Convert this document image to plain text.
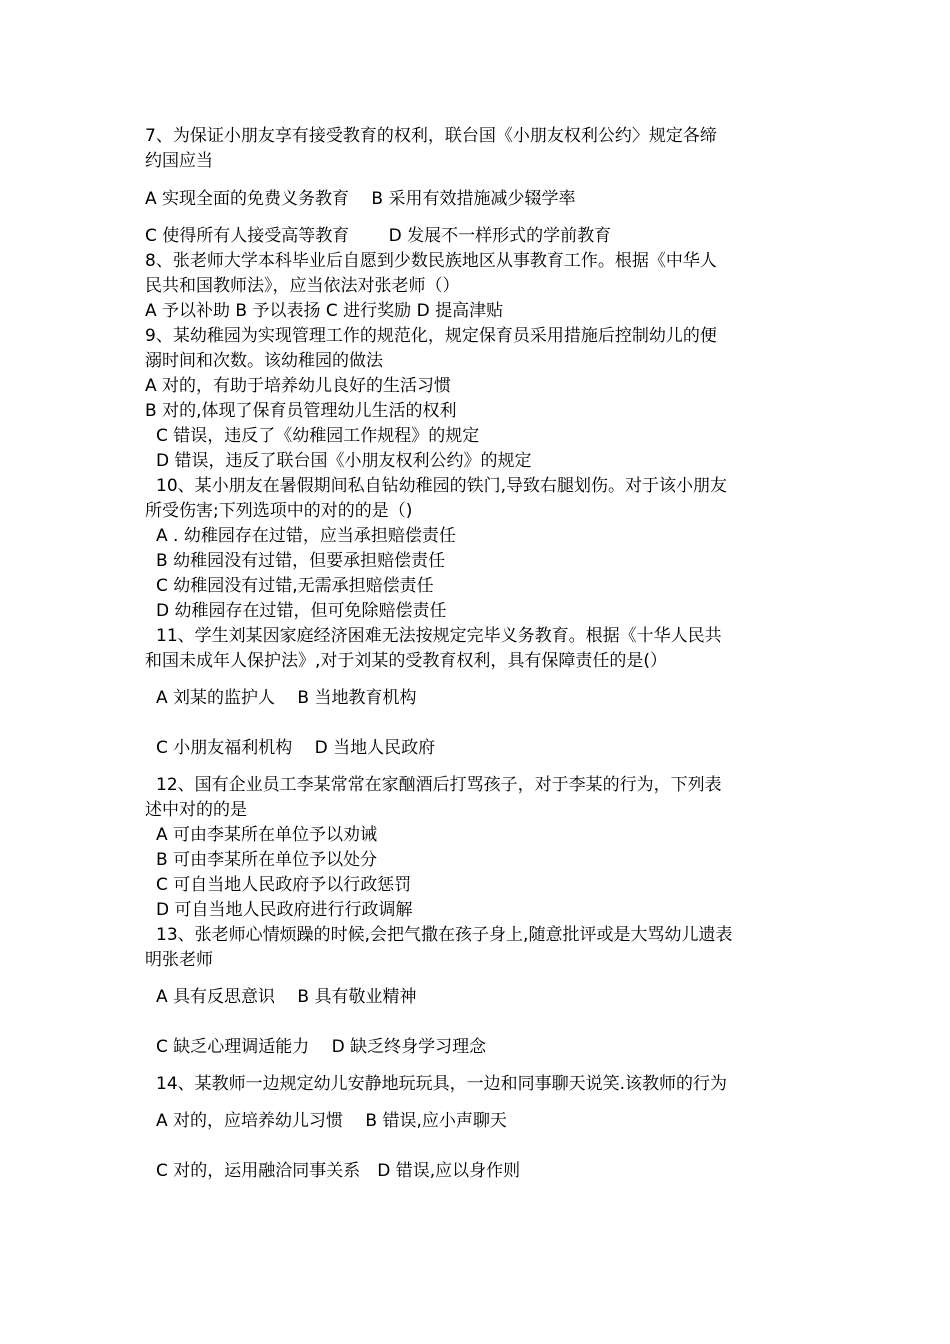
7、为保证小朋友享有接受教育的权利，联台国《小朋友权利公约〉规定各缔

约国应当

A 实现全面的免费义务教育　 B 采用有效措施减少辍学率

C 使得所有人接受高等教育　　 D 发展不一样形式的学前教育

8、张老师大学本科毕业后自愿到少数民族地区从事教育工作。根据《中华人

民共和国教师法》，应当依法对张老师（）

A 予以补助 B 予以表扬 C 进行奖励 D 提高津贴

9、某幼稚园为实现管理工作的规范化，规定保育员采用措施后控制幼儿的便

溺时间和次数。该幼稚园的做法

A 对的，有助于培养幼儿良好的生活习惯

B 对的,体现了保育员管理幼儿生活的权利

C 错误，违反了《幼稚园工作规程》的规定

D 错误，违反了联台国《小朋友权利公约》的规定

10、某小朋友在暑假期间私自钻幼稚园的铁门,导致右腿划伤。对于该小朋友

所受伤害;下列选项中的对的的是（)

A . 幼稚园存在过错，应当承担赔偿责任

B 幼稚园没有过错，但要承担赔偿责任

C 幼稚园没有过错,无需承担赔偿责任

D 幼稚园存在过错，但可免除赔偿责任

11、学生刘某因家庭经济困难无法按规定完毕义务教育。根据《十华人民共

和国未成年人保护法》,对于刘某的受教育权利，具有保障责任的是(）

A 刘某的监护人　 B 当地教育机构

C 小朋友福利机构　 D 当地人民政府

12、国有企业员工李某常常在家酗酒后打骂孩子，对于李某的行为，下列表

述中对的的是

A 可由李某所在单位予以劝诫

B 可由李某所在单位予以处分

C 可自当地人民政府予以行政惩罚

D 可自当地人民政府进行行政调解

13、张老师心情烦躁的时候,会把气撒在孩子身上,随意批评或是大骂幼儿遗表

明张老师

A 具有反思意识　 B 具有敬业精神

C 缺乏心理调适能力　 D 缺乏终身学习理念

14、某教师一边规定幼儿安静地玩玩具，一边和同事聊天说笑.该教师的行为

A 对的，应培养幼儿习惯　 B 错误,应小声聊天

C 对的，运用融洽同事关系　D 错误,应以身作则
